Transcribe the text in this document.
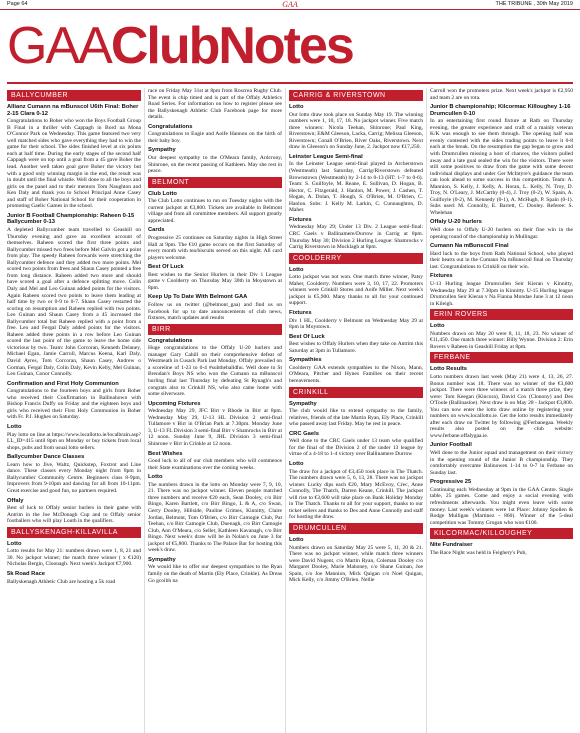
Page 64	GAA	THE TRIBUNE , 30th May 2019
GAAClubNotes
BALLYCUMBER
Allianz Cumann na mBunscol U6th Final: Boher 2-15 Clara 0-12

Congratulations to Boher who won the Boys Football Group B Final in a thriller with Cappagh in Bord na Mona O'Connor Park on Wednesday. This game featured two very well matched sides who gave everything they had to win the game for their school. The sides finished level at six points each at half time. During the early stages of the second half Cappagh were on top until a goal from a 45 gave Boher the lead. Another well taken goal gave Boher the victory but with a good only winning margin in the end, the result was in doubt until the final whistle. Well done to all the boys and girls on the panel and to their mentors Tom Naughton and Ken Daly and thank you to School Principal Anne Casey and staff of Boher National School for their cooperation in promoting Gaelic Games in the school.

Junior B Football Championship: Raheen 0-15 Ballycumber 0-13

A depleted Ballycumber team travelled to Geashill on Thursday evening and gave an excellent account of themselves. Raheen scored the first three points and Ballycumber missed two frees before Mel Galvin got a point from play. The speedy Raheen forwards were stretching the Ballycumber defence and they added two more points. Mel scored two points from frees and Shaun Casey pointed a free from long distance. Raheen added two more and should have scored a goal after a defence splitting move. Colin Daly and Mel and Leo Guinan added points for the visitors. Again Raheen scored two points to leave them leading at half time by two or 0-9 to 0-7. Shaun Casey restarted the scoring on resumption and Raheen replied with two points. Leo Guinan and Shaun Casey from a 45 increased the Ballycumber total but Raheen replied with a point from a free. Leo and Fergal Daly added points for the visitors. Raheen added three points in a row before Leo Guinan scored the last point of the game to leave the home side victorious by two. Team: John Corcoran, Kenneth Delaney, Michael Egan, Jamie Carroll, Marcus Keena, Karl Daly, David Ayres, Tom Corcoran, Shaun Casey, Andrew o Gorman, Fergal Daly, Colin Daly, Kevin Kelly, Mel Guinan, Leo Guinan, Conor Connolly.

Confirmation and First Holy Communion

Congratulations to the fourteen boys and girls from Boher who received their Confirmation in Ballinahown with Bishop Francis Duffy on Friday and the eighteen boys and girls who received their First Holy Communion in Boher with Fr. P.J. Hughes on Saturday.

Lotto

Play lotto on line at https://www.locallotto.ie/localbrain.asp?LL_ID=415 until 8pm on Monday or buy tickets from local shops, pubs and from usual lotto sellers.

Ballycumber Dance Classes

Learn how to Jive, Waltz, Quickstep, Foxtrot and Line dance. These classes every Monday night from 8pm in Ballycumber Community Centre. Beginners class 8-9pm, Improvers from 9-10pm and dancing for all from 10-11pm. Great exercise and good fun, no partners required.

Offaly

Best of luck to Offaly senior hurlers in their game with Antrim in the Joe McDonagh Cup and to Offaly senior footballers who will play Louth in the qualifiers.

BALLYSKENAGH-KILLAVILLA
Lotto

Lotto results for May 21: numbers drawn were 1, 8, 21 and 30. No jackpot winner; the match three winner ( x €120) Nicholas Bergin, Cloonagh. Next week's Jackpot €7,900.

5k Road Race

Ballyskenagh Athletic Club are hosting a 5k road

race on Friday May 31st at 8pm from Roscrea Rugby Club. The event is chip timed and is part of the Offaly Athletics Road Series. For information on how to register please see the Ballyskenagh Athletic Club Facebook page for more details.

Congratulations

Congratulations to Eugie and Aoife Hannon on the birth of their baby boy.

Sympathy

Our deepest sympathy to the O'Meara family, Ardcrony, Shinrone, on the recent passing of Kathleen. May she rest in peace.

BELMONT
Club Lotto

The Club Lotto continues to run on Tuesday nights with the current jackpot at €3,800. Tickets are available in Belmont village and from all committee members. All support greatly appreciated.

Cards

Progressive 25 continues on Saturday nights in High Street Hall at 9pm. The €10 game occurs on the first Saturday of every month with tea/biscuits served on this night. All card players welcome.

Best Of Luck

Best wishes to the Senior Hurlers in their Div 1 League game v Coolderry on Thursday May 30th in Moystown at 8pm.

Keep Up To Date With Belmont GAA

Follow us on twitter (@belmont_gaa) and find us on Facebook for up to date announcements of club news, fixtures, match updates and results

BIRR
Congratulations

Huge congratulations to the Offaly U-20 hurlers and manager Gary Cahill on their comprehensive defeat of Westmeath in Cusack Park last Monday. Offaly prevailed on a scoreline of 1-23 to 0-4 #subtheballdhu. Well done to St Brendan's Boys NS who won the Cumann na mBunscol hurling final last Thursday by defeating St Rynagh's and congrats also to Crinkill NS, who also came home with some silverware.

Upcoming Fixtures

Wednesday May 29, JFC Birr v Rhode in Birr at 8pm. Wednesday May 29, U-13 HL Division 2 semi-final Tullamore v Birr in O'Brian Park at 7.30pm. Monday June 3, U-13 FL Division 3 semi-final Birr v Shamrocks in Birr at 12 noon. Sunday June 9, JHL Division 3 semi-final Shinrone v Birr in Crinkle at 12 noon.

Best Wishes

Good luck to all of our club members who will commence their State examinations over the coming weeks.

Lotto

The numbers drawn in the lotto on Monday were 7, 9, 10, 21. There was no jackpot winner. Eleven people matched three numbers and receive €20 each, Sean Dooley, c/o Birr Bingo, Karen Bartlett, c/o Birr Bingo, L & A, c/o Swan, Gerry Dooley, Hillside, Pauline Grimes, Kinnitty, Claire Jordan, Belmont, Tom O'Brien, c/o Birr Camogie Club, Pat Teehan, c/o Birr Camogie Club, Duenagh, c/o Birr Camogie Club, Ann O'Meara, c/o Seller, Kathleen Kavanagh, c/o Birr Bingo. Next week's draw will be in Nolan's on June 3 for jackpot of €5,800. Thanks to The Palace Bar for hosting this week's draw.

Sympathy

We would like to offer our deepest sympathies to the Ryan family on the death of Martin (Ely Place, Crinkle). As Dreas Go gcoibh na

CARRIG & RIVERSTOWN
Lotto

Our lotto draw took place on Sunday May 19. The winning numbers were 1, 10, 17, 18. No jackpot winner. Five match three winners: Nicola Teehan, Shinrone; Paul King, Riverstown; E&M Gleeson, Lacka, Carrig; Melissa Gleeson, Riverstown; Conall O'Brien, River Oaks, Riverstown. Next draw in Gleeson's on Sunday June, 2. Jackpot now €17,250.

Leinster League Semi-final

In the Leinster League semi-final played in Archerstown (Westmeath) last Saturday, Carrig/Riverstown defeated Brownstown (Westmeath) by 2-14 to 0-13 (HT: 1-7 to 0-6). Team: S. Guilfoyle, M. Reane, E. Sullivan, D. Hogan, B. Hector, C. Fitzgerald, J. Hanlon, M. Power, J. Cashen, T. Hogan, A. Dolan, T. Hough, S. O'Brien, M. O'Brien, C. Hanlon. Subs: J. Kelly M. Larkin, C. Cunnaughton, D. Maher.

Fixtures

Wednesday May 29; Under 13 Div. 2 League semi-final: CRC Gaels v Ballinamere/Durrow in Carrig at 8pm. Thursday May 30; Division 2 Hurling League: Shamrocks v Carrig Riverstown in Mucklagh at 8pm.

COOLDERRY
Lotto

Lotto jackpot was not won. One match three winner, Patsy Maher, Coolderry. Numbers were 3, 10, 17, 22. Promoters winners were Crinkill Stores and Aoife Miller. Next week's jackpot is €5,900. Many thanks to all for your continued support.

Fixtures

Div 1 HL, Coolderry v Belmont on Wednesday May 29 at 8pm in Moystown.

Best Of Luck

Best wishes to Offaly Hurlers when they take on Antrim this Saturday at 3pm in Tullamore.

Sympathies

Coolderry GAA extends sympathies to the Nixon, Mann, O'Meara, Pitcher and Hynes Families on their recent bereavements.

CRINKILL
Sympathy

The club would like to extend sympathy to the family, relatives, friends of the late Martin Ryan, Ely Place, Crinkill who passed away last Friday. May he rest in peace.

CRC Gaels

Well done to the CRC Gaels under 13 team who qualified for the final of the Division 2 of the under 13 league by virtue of a 4-18 to 1-4 victory over Ballinamere Durrow

Lotto

The draw for a jackpot of €3,450 took place in The Thatch. The numbers drawn were 5, 6, 13, 28. There was no jackpot winner. Lucky dips each €20, Mary McEvoy, Crec, Anne Connolly, The Thatch, Darren Keane, Crinkill. The jackpot will rise to €3,600 will take place on Bank Holiday Monday in The Thatch. Thanks to all for your support, thanks to our ticket sellers and thanks to Des and Anne Connolly and staff for hosting the draw.

DRUMCULLEN
Lotto

Numbers drawn on Saturday May 25 were 5, 11, 20 & 21. There was no jackpot winner, while match three winners were David Nugent, c/o Martin Ryan, Coleman Dooley c/o Margaret Dooley, Marie Mahoney, c/o Shane Guinan, Joe Spain, c/o Joe Mannion, Mick Quigan c/o Noel Quigan, Mick Kelly, c/o Jimmy O'Brien. Nellie

Carroll won the promoters prize. Next week's jackpot is €2,950 and team 2 are on rota.

Junior B championship; Kilcormac Killoughey 1-16 Drumcullen 0-10

In an entertaining first round fixture at Rath on Thursday evening, the greater experience and craft of a mainly veteran K/K was enough to see them through. The opening half was evenly contested with the sides trading points to leave it 0-8 each at the break. On the resumption the gap began to grow and with Drumcullen missing a host of chances, the visitors pulled away and a late goal sealed the win for the visitors. There were still some positives to draw from the game with some decent individual displays and under Ger McIntyre's guidance the team can look ahead to some success in this competition. Team: A. Mannion, S. Kelly, J. Kelly, A. Horan, L. Kelly, N. Troy, D. Troy, N. O'Leary, J. McCarthy (0-4), J. Troy (0-2), W. Spain, A. Guilfoyle (0-2), M. Kennedy (0-1), A. McHugh, P. Spain (0-1). Subs used: M. Connolly, E. Barrett, C. Dooley. Referee: S. Whelehan

Offaly U-20 hurlers

Well done to Offaly U-20 hurlers on their fine win in the opening round of the championship in Mullingar.

Cumann Na mBunscoil Final

Hard luck to the boys from Rath National School, who played their hearts out in the Cumann Na mBunscoil final on Thursday last. Congratulations to Crinkill on their win.

Fixtures

U-13 Hurling league Drumcullen Seir Kieran v Kinnitty, Wednesday May 29 at 7.30pm in Kinnitty. U-15 Hurling league Drumcullen Seir Kieran v Na Fianna Mondae June 3 at 12 noon in Kileigh.

ERIN ROVERS
Lotto

Numbers drawn on May 20 were 8, 11, 18, 23. No winner of €11,450. One match three winner: Billy Wynne. Division 2: Erin Rovers v Raheen in Geashill Friday at 8pm.

FERBANE
Lotto Results

Lotto numbers drawn last week (May 21) were 4, 13, 26, 27. Bonus number was 18. There was no winner of the €3,600 jackpot. There were three winners of a match three prize, they were: Tom Keegan (Kincora), David Cox (Clonony) and Des O'Toole (Ballinasloe). Next draw is on May 28 - Jackpot €3,800. You can now enter the lotto draw online by registering your numbers on www.locallotto.ie. Get the lotto results immediately after each draw on Twitter by following @Ferbanegaa. Weekly results also posted on the club website: www.ferbane.offalygaa.ie.

Junior Football

Well done to the Junior squad and management on their victory in the opening round of the Junior B championship. They comfortably overcame Balinowen 1-14 to 0-7 in Ferbane on Sunday last.

Progressive 25

Continuing each Wednesday at 9pm in the GAA Centre. Single table, 25 games. Come and enjoy a social evening with refreshments afterwards. You might even leave with some money. Last week's winners were 1st Place: Johnny Spollen & Rodge Mulligan (Martinez - 860). Winner of the 5-deal competition was Tommy Grogan who won €100.

KILCORMAC/KILLOUGHEY
Nite Fundraiser

The Race Night was held in Feighery's Pub,
